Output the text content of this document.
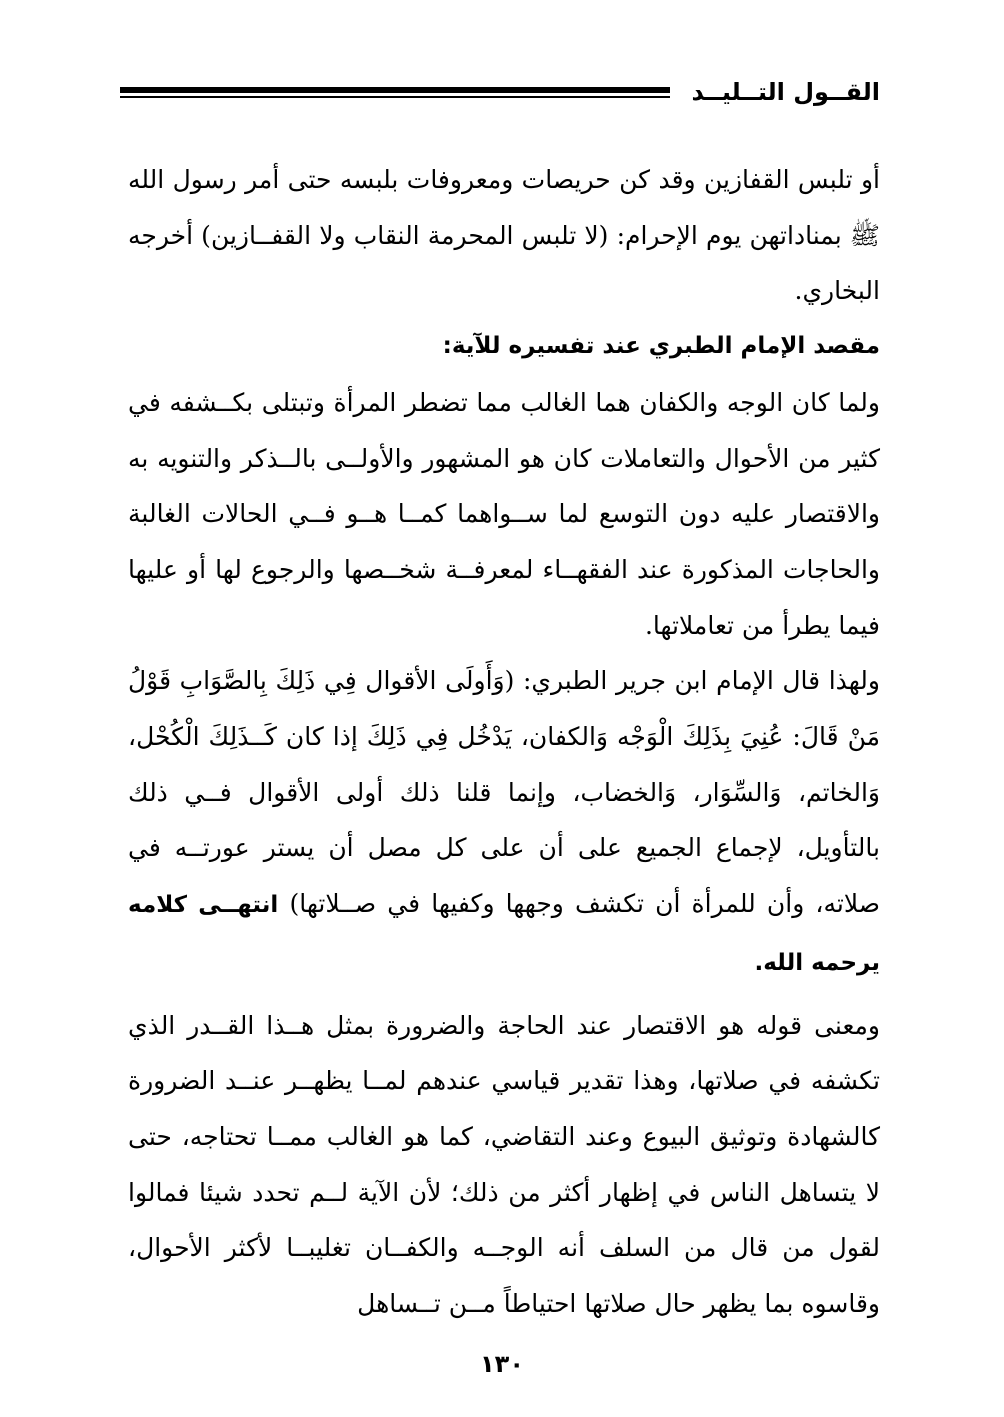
القــول التــليــد

أو تلبس القفازين وقد كن حريصات ومعروفات بلبسه حتى أمر رسول الله ﷺ بمناداتهن يوم الإحرام: (لا تلبس المحرمة النقاب ولا القفــازين) أخرجه البخاري.

مقصد الإمام الطبري عند تفسيره للآية:

ولما كان الوجه والكفان هما الغالب مما تضطر المرأة وتبتلى بكــشفه في كثير من الأحوال والتعاملات كان هو المشهور والأولــى بالــذكر والتنويه به والاقتصار عليه دون التوسع لما ســواهما كمــا هــو فــي الحالات الغالبة والحاجات المذكورة عند الفقهــاء لمعرفــة شخــصها والرجوع لها أو عليها فيما يطرأ من تعاملاتها.

ولهذا قال الإمام ابن جرير الطبري: (وَأَولَى الأقوال فِي ذَلِكَ بِالصَّوَابِ قَوْلُ مَنْ قَالَ: عُنِيَ بِذَلِكَ الْوَجْه وَالكفان، يَدْخُل فِي ذَلِكَ إذا كان كَــذَلِكَ الْكُحْل، وَالخاتم، وَالسِّوَار، وَالخضاب، وإنما قلنا ذلك أولى الأقوال فــي ذلك بالتأويل، لإجماع الجميع على أن على كل مصل أن يستر عورتــه في صلاته، وأن للمرأة أن تكشف وجهها وكفيها في صــلاتها) انتهــى كلامه يرحمه الله.

ومعنى قوله هو الاقتصار عند الحاجة والضرورة بمثل هــذا القــدر الذي تكشفه في صلاتها، وهذا تقدير قياسي عندهم لمــا يظهــر عنــد الضرورة كالشهادة وتوثيق البيوع وعند التقاضي، كما هو الغالب ممــا تحتاجه، حتى لا يتساهل الناس في إظهار أكثر من ذلك؛ لأن الآية لــم تحدد شيئا فمالوا لقول من قال من السلف أنه الوجــه والكفــان تغليبــا لأكثر الأحوال، وقاسوه بما يظهر حال صلاتها احتياطاً مــن تــساهل

١٣٠
